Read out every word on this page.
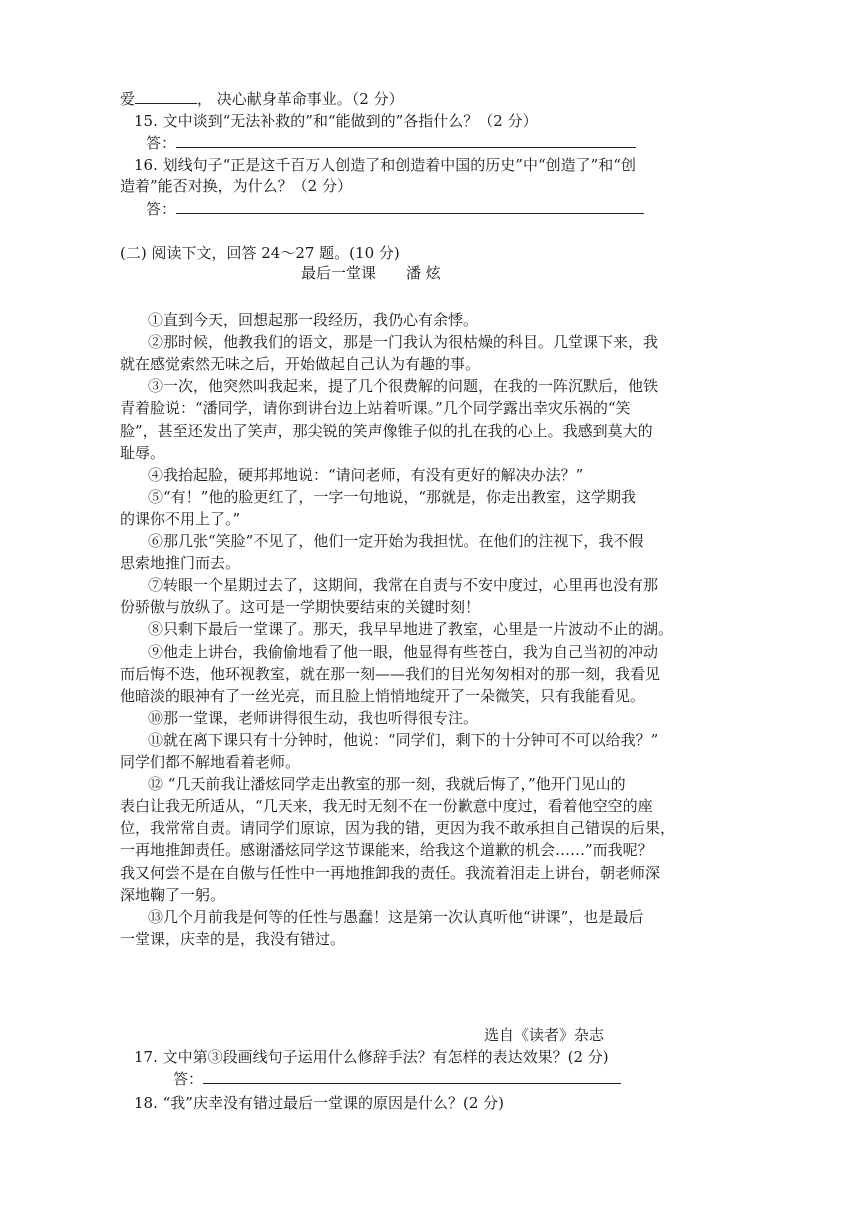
爱	， 决心献身革命事业。（2 分）
15. 文中谈到“无法补救的”和“能做到的”各指什么？（2 分）
答：
16. 划线句子“正是这千百万人创造了和创造着中国的历史”中“创造了”和“创
造着”能否对换，为什么？（2 分）
答：
(二) 阅读下文，回答 24～27 题。(10 分)
最后一堂课 潘 炫
①直到今天，回想起那一段经历，我仍心有余悸。
②那时候，他教我们的语文，那是一门我认为很枯燥的科目。几堂课下来，我
就在感觉索然无味之后，开始做起自己认为有趣的事。
③一次，他突然叫我起来，提了几个很费解的问题，在我的一阵沉默后，他铁
青着脸说：“潘同学，请你到讲台边上站着听课。”几个同学露出幸灾乐祸的“笑
脸”，甚至还发出了笑声，那尖锐的笑声像锥子似的扎在我的心上。我感到莫大的
耻辱。
④我抬起脸，硬邦邦地说：“请问老师，有没有更好的解决办法？”
⑤“有！”他的脸更红了，一字一句地说，“那就是，你走出教室，这学期我
的课你不用上了。”
⑥那几张“笑脸”不见了，他们一定开始为我担忧。在他们的注视下，我不假
思索地推门而去。
⑦转眼一个星期过去了，这期间，我常在自责与不安中度过，心里再也没有那
份骄傲与放纵了。这可是一学期快要结束的关键时刻！
⑧只剩下最后一堂课了。那天，我早早地进了教室，心里是一片波动不止的湖。
⑨他走上讲台，我偷偷地看了他一眼，他显得有些苍白，我为自己当初的冲动
而后悔不迭，他环视教室，就在那一刻——我们的目光匆匆相对的那一刻，我看见
他暗淡的眼神有了一丝光亮，而且脸上悄悄地绽开了一朵微笑，只有我能看见。
⑩那一堂课，老师讲得很生动，我也听得很专注。
⑪就在离下课只有十分钟时，他说：“同学们，剩下的十分钟可不可以给我？”
同学们都不解地看着老师。
⑫ “几天前我让潘炫同学走出教室的那一刻，我就后悔了，”他开门见山的
表白让我无所适从，“几天来，我无时无刻不在一份歉意中度过，看着他空空的座
位，我常常自责。请同学们原谅，因为我的错，更因为我不敢承担自己错误的后果，
一再地推卸责任。感谢潘炫同学这节课能来，给我这个道歉的机会……”而我呢？
我又何尝不是在自傲与任性中一再地推卸我的责任。我流着泪走上讲台，朝老师深
深地鞠了一躬。
⑬几个月前我是何等的任性与愚蠢！这是第一次认真听他“讲课”，也是最后
一堂课，庆幸的是，我没有错过。
选自《读者》杂志
17. 文中第③段画线句子运用什么修辞手法？有怎样的表达效果？(2 分)
答：
18. “我”庆幸没有错过最后一堂课的原因是什么？(2 分)
